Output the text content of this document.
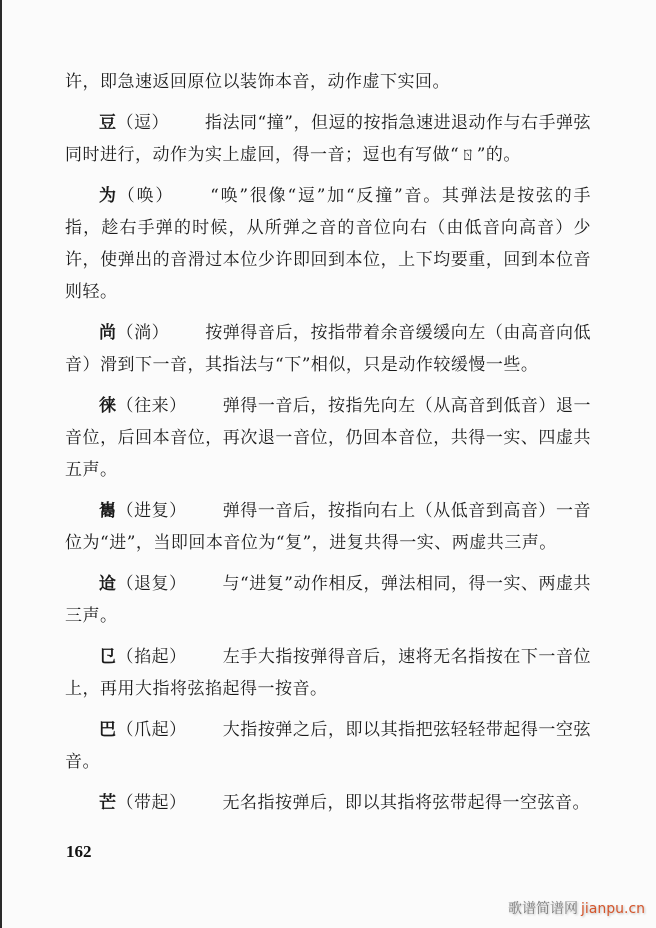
许，即急速返回原位以装饰本音，动作虚下实回。

豆（逗） 指法同“撞”，但逗的按指急速进退动作与右手弹弦同时进行，动作为实上虚回，得一音；逗也有写做“ㄖ”的。

为（唤） “唤”很像“逗”加“反撞”音。其弹法是按弦的手指，趁右手弹的时候，从所弹之音的音位向右（由低音向高音）少许，使弹出的音滑过本位少许即回到本位，上下均要重，回到本位音则轻。

尚（淌） 按弹得音后，按指带着余音缓缓向左（由高音向低音）滑到下一音，其指法与“下”相似，只是动作较缓慢一些。

徕（往来） 弹得一音后，按指先向左（从高音到低音）退一音位，后回本音位，再次退一音位，仍回本音位，共得一实、四虚共五声。

巂（进复） 弹得一音后，按指向右上（从低音到高音）一音位为“进”，当即回本音位为“复”，进复共得一实、两虚共三声。

䢔（退复） 与“进复”动作相反，弹法相同，得一实、两虚共三声。

㔾（掐起） 左手大指按弹得音后，速将无名指按在下一音位上，再用大指将弦掐起得一按音。

巴（爪起） 大指按弹之后，即以其指把弦轻轻带起得一空弦音。

芒（带起） 无名指按弹后，即以其指将弦带起得一空弦音。

162
歌谱简谱网 jianpu.cn
